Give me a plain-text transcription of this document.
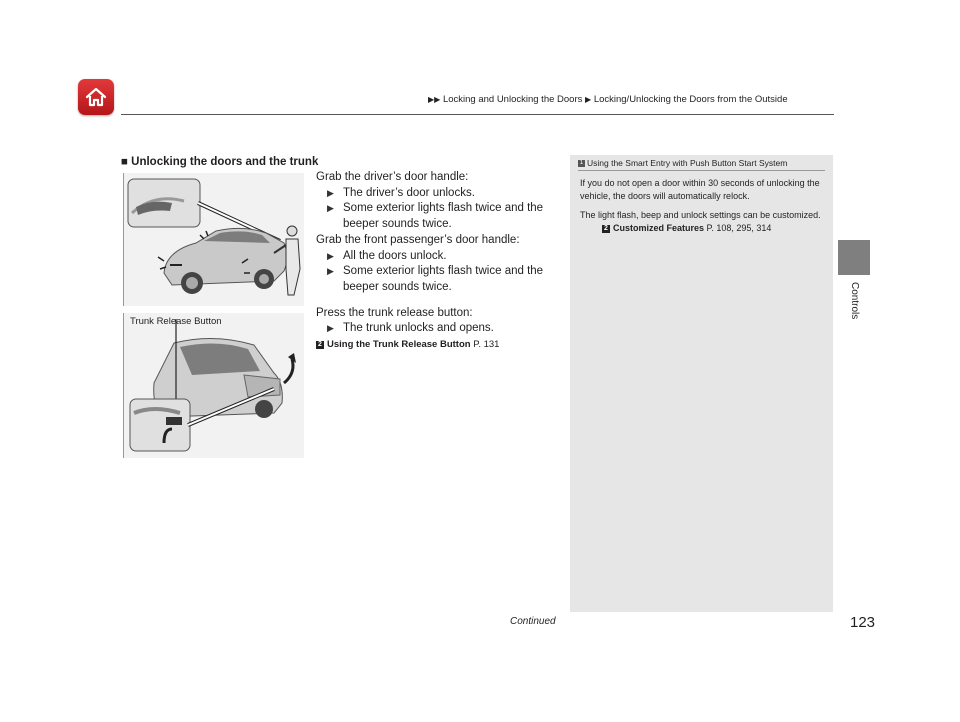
▶▶ Locking and Unlocking the Doors ▶ Locking/Unlocking the Doors from the Outside
Controls
■ Unlocking the doors and the trunk
Grab the driver’s door handle:
▶ The driver’s door unlocks.
▶ Some exterior lights flash twice and the
beeper sounds twice.
Grab the front passenger’s door handle:
▶ All the doors unlock.
▶ Some exterior lights flash twice and the
beeper sounds twice.
Press the trunk release button:
▶ The trunk unlocks and opens.
2 Using the Trunk Release Button P. 131
Trunk Release Button
1 Using the Smart Entry with Push Button Start System

If you do not open a door within 30 seconds of unlocking the vehicle, the doors will automatically relock.

The light flash, beep and unlock settings can be customized.

2 Customized Features P. 108, 295, 314
Continued	123
